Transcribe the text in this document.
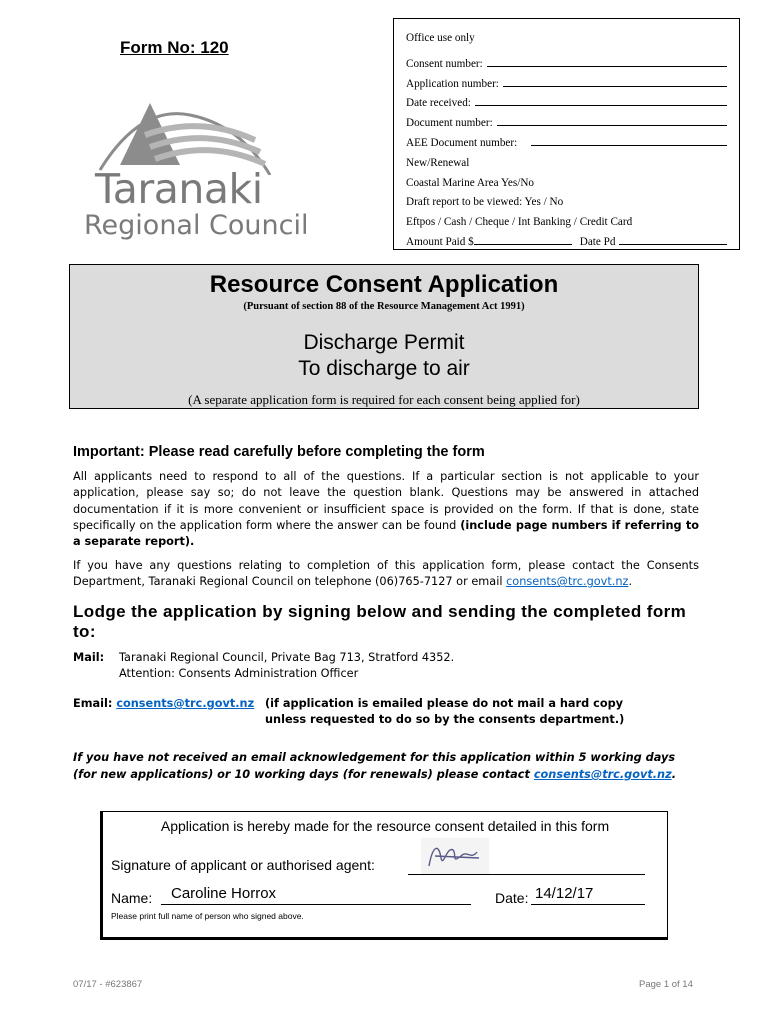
Form No: 120
Taranaki
Regional Council
Office use only
Consent number:
Application number:
Date received:
Document number:
AEE Document number:
New/Renewal
Coastal Marine Area Yes/No
Draft report to be viewed: Yes / No
Eftpos / Cash / Cheque / Int Banking / Credit Card
Amount Paid $	Date Pd
Resource Consent Application
(Pursuant of section 88 of the Resource Management Act 1991)
Discharge Permit
To discharge to air
(A separate application form is required for each consent being applied for)
Important: Please read carefully before completing the form
All applicants need to respond to all of the questions. If a particular section is not applicable to your application, please say so; do not leave the question blank. Questions may be answered in attached documentation if it is more convenient or insufficient space is provided on the form. If that is done, state specifically on the application form where the answer can be found (include page numbers if referring to a separate report).
If you have any questions relating to completion of this application form, please contact the Consents Department, Taranaki Regional Council on telephone (06)765-7127 or email consents@trc.govt.nz.
Lodge the application by signing below and sending the completed form to:
Mail: Taranaki Regional Council, Private Bag 713, Stratford 4352.
Attention: Consents Administration Officer
Email: consents@trc.govt.nz (if application is emailed please do not mail a hard copy unless requested to do so by the consents department.)
If you have not received an email acknowledgement for this application within 5 working days (for new applications) or 10 working days (for renewals) please contact consents@trc.govt.nz.
Application is hereby made for the resource consent detailed in this form
Signature of applicant or authorised agent:
Name: Caroline Horrox	Date: 14/12/17
Please print full name of person who signed above.
07/17 - #623867	Page 1 of 14
